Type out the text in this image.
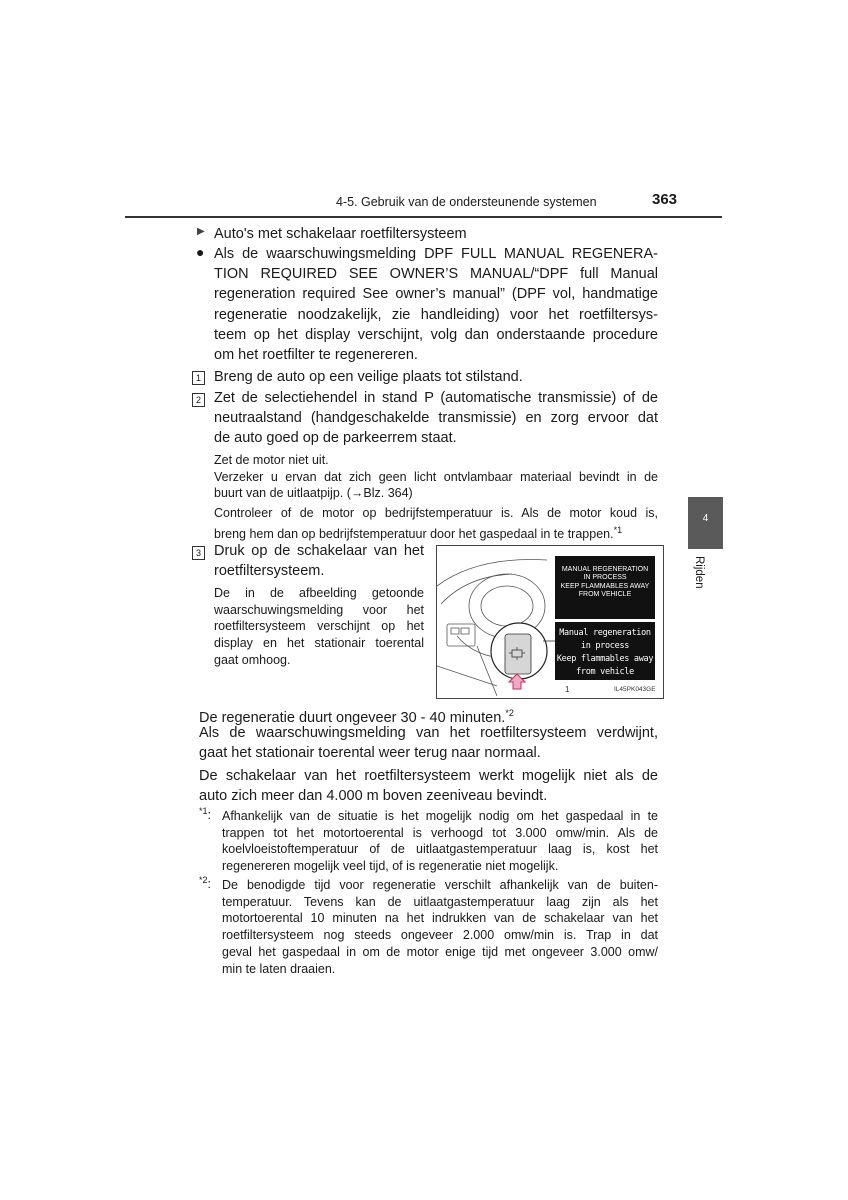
4-5. Gebruik van de ondersteunende systemen	363
4
Rijden
▶ Auto's met schakelaar roetfiltersysteem
● Als de waarschuwingsmelding DPF FULL MANUAL REGENERA-
TION REQUIRED SEE OWNER’S MANUAL/“DPF full Manual
regeneration required See owner’s manual” (DPF vol, handmatige
regeneratie noodzakelijk, zie handleiding) voor het roetfiltersys-
teem op het display verschijnt, volg dan onderstaande procedure
om het roetfilter te regenereren.
1 Breng de auto op een veilige plaats tot stilstand.
2 Zet de selectiehendel in stand P (automatische transmissie) of de
neutraalstand (handgeschakelde transmissie) en zorg ervoor dat
de auto goed op de parkeerrem staat.
Zet de motor niet uit.
Verzeker u ervan dat zich geen licht ontvlambaar materiaal bevindt in de
buurt van de uitlaatpijp. (→Blz. 364)
Controleer of de motor op bedrijfstemperatuur is. Als de motor koud is,
breng hem dan op bedrijfstemperatuur door het gaspedaal in te trappen.$^{*1}$
3 Druk op de schakelaar van het
roetfiltersysteem.
De in de afbeelding getoonde
waarschuwingsmelding voor het
roetfiltersysteem verschijnt op het
display en het stationair toerental
gaat omhoog.
MANUAL REGENERATION
IN PROCESS
KEEP FLAMMABLES AWAY
FROM VEHICLE
Manual regeneration
in process
Keep flammables away
from vehicle
1	IL45PK043GE
De regeneratie duurt ongeveer 30 - 40 minuten.$^{*2}$
Als de waarschuwingsmelding van het roetfiltersysteem verdwijnt,
gaat het stationair toerental weer terug naar normaal.
De schakelaar van het roetfiltersysteem werkt mogelijk niet als de
auto zich meer dan 4.000 m boven zeeniveau bevindt.
$^{*1}$: Afhankelijk van de situatie is het mogelijk nodig om het gaspedaal in te
trappen tot het motortoerental is verhoogd tot 3.000 omw/min. Als de
koelvloeistoftemperatuur of de uitlaatgastemperatuur laag is, kost het
regenereren mogelijk veel tijd, of is regeneratie niet mogelijk.
$^{*2}$: De benodigde tijd voor regeneratie verschilt afhankelijk van de buiten-
temperatuur. Tevens kan de uitlaatgastemperatuur laag zijn als het
motortoerental 10 minuten na het indrukken van de schakelaar van het
roetfiltersysteem nog steeds ongeveer 2.000 omw/min is. Trap in dat
geval het gaspedaal in om de motor enige tijd met ongeveer 3.000 omw/
min te laten draaien.
